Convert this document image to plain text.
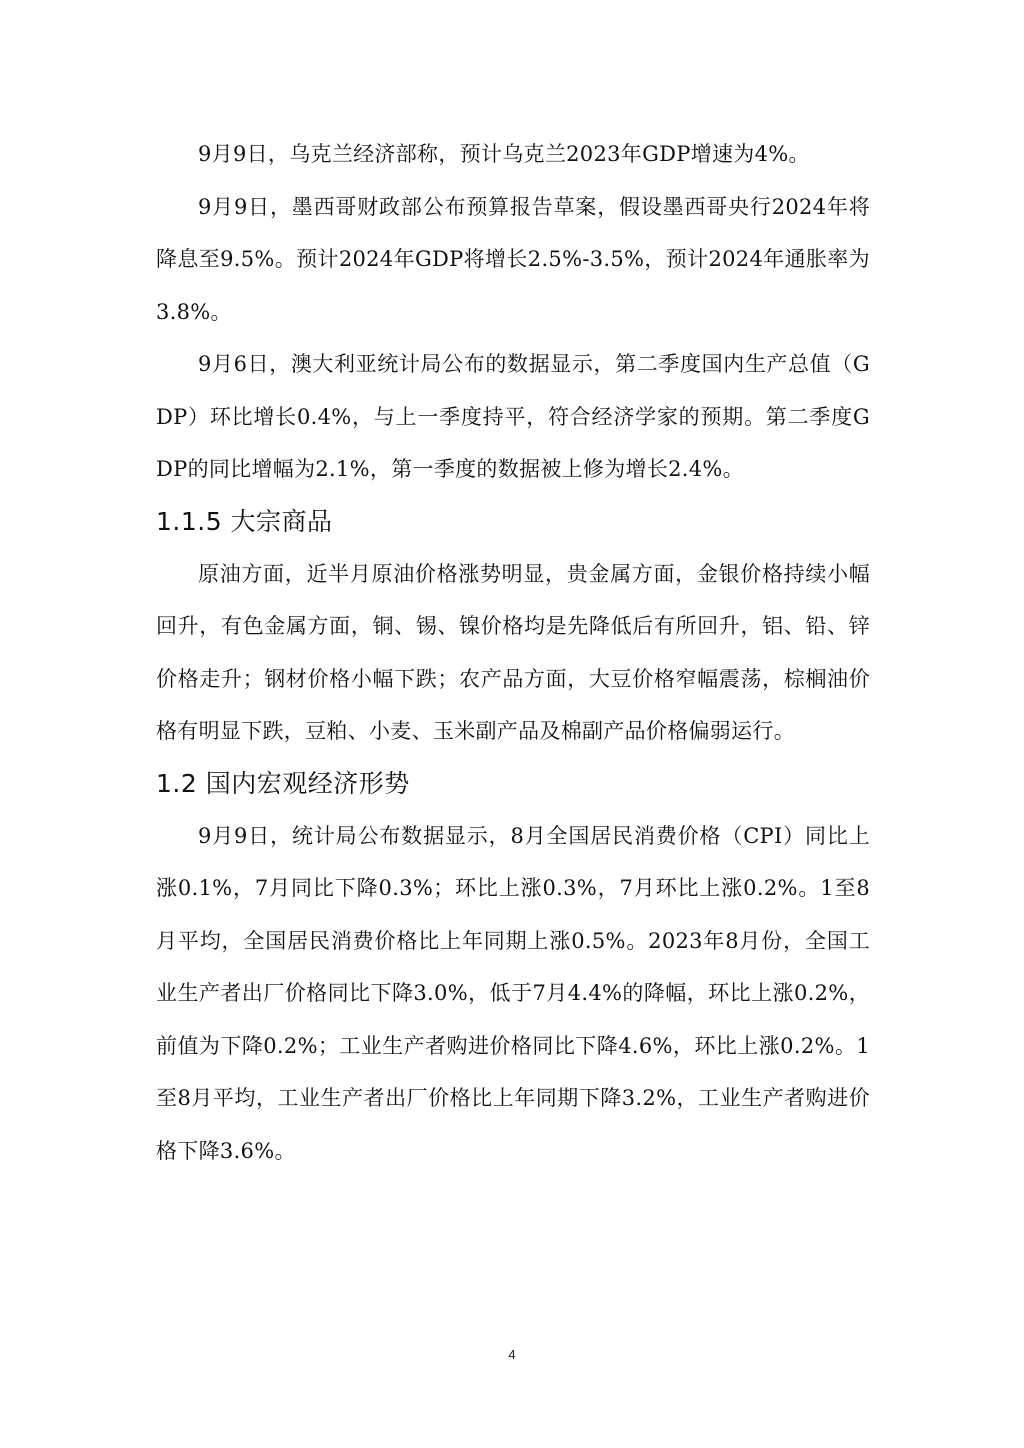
9月9日，乌克兰经济部称，预计乌克兰2023年GDP增速为4%。

9月9日，墨西哥财政部公布预算报告草案，假设墨西哥央行2024年将降息至9.5%。预计2024年GDP将增长2.5%-3.5%，预计2024年通胀率为3.8%。

9月6日，澳大利亚统计局公布的数据显示，第二季度国内生产总值（GDP）环比增长0.4%，与上一季度持平，符合经济学家的预期。第二季度GDP的同比增幅为2.1%，第一季度的数据被上修为增长2.4%。

1.1.5 大宗商品

原油方面，近半月原油价格涨势明显，贵金属方面，金银价格持续小幅回升，有色金属方面，铜、锡、镍价格均是先降低后有所回升，铝、铅、锌价格走升；钢材价格小幅下跌；农产品方面，大豆价格窄幅震荡，棕榈油价格有明显下跌，豆粕、小麦、玉米副产品及棉副产品价格偏弱运行。

1.2 国内宏观经济形势

9月9日，统计局公布数据显示，8月全国居民消费价格（CPI）同比上涨0.1%，7月同比下降0.3%；环比上涨0.3%，7月环比上涨0.2%。1至8月平均，全国居民消费价格比上年同期上涨0.5%。2023年8月份，全国工业生产者出厂价格同比下降3.0%，低于7月4.4%的降幅，环比上涨0.2%，前值为下降0.2%；工业生产者购进价格同比下降4.6%，环比上涨0.2%。1至8月平均，工业生产者出厂价格比上年同期下降3.2%，工业生产者购进价格下降3.6%。

4
